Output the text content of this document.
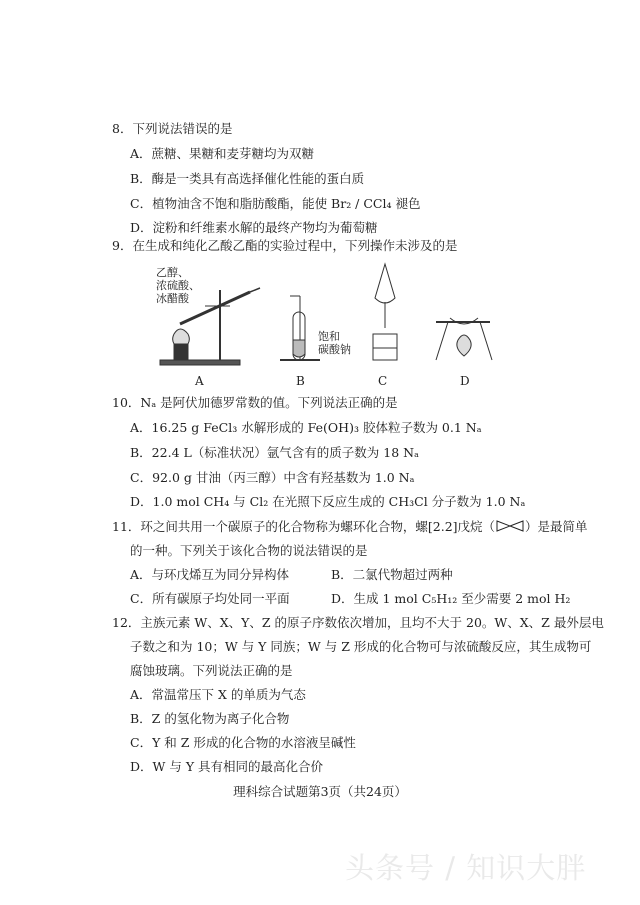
8．下列说法错误的是
A．蔗糖、果糖和麦芽糖均为双糖
B．酶是一类具有高选择催化性能的蛋白质
C．植物油含不饱和脂肪酸酯，能使 Br₂ / CCl₄ 褪色
D．淀粉和纤维素水解的最终产物均为葡萄糖
9．在生成和纯化乙酸乙酯的实验过程中，下列操作未涉及的是
乙醇、
浓硫酸、
冰醋酸
饱和
碳酸钠
A	B	C	D
10．Nₐ 是阿伏加德罗常数的值。下列说法正确的是
A．16.25 g FeCl₃ 水解形成的 Fe(OH)₃ 胶体粒子数为 0.1 Nₐ
B．22.4 L（标准状况）氩气含有的质子数为 18 Nₐ
C．92.0 g 甘油（丙三醇）中含有羟基数为 1.0 Nₐ
D．1.0 mol CH₄ 与 Cl₂ 在光照下反应生成的 CH₃Cl 分子数为 1.0 Nₐ
11．环之间共用一个碳原子的化合物称为螺环化合物，螺[2.2]戊烷（ ）是最简单
的一种。下列关于该化合物的说法错误的是
A．与环戊烯互为同分异构体	B．二氯代物超过两种
C．所有碳原子均处同一平面	D．生成 1 mol C₅H₁₂ 至少需要 2 mol H₂
12．主族元素 W、X、Y、Z 的原子序数依次增加，且均不大于 20。W、X、Z 最外层电
子数之和为 10；W 与 Y 同族；W 与 Z 形成的化合物可与浓硫酸反应，其生成物可
腐蚀玻璃。下列说法正确的是
A．常温常压下 X 的单质为气态
B．Z 的氢化物为离子化合物
C．Y 和 Z 形成的化合物的水溶液呈碱性
D．W 与 Y 具有相同的最高化合价
理科综合试题第3页（共24页）
头条号 / 知识大胖
